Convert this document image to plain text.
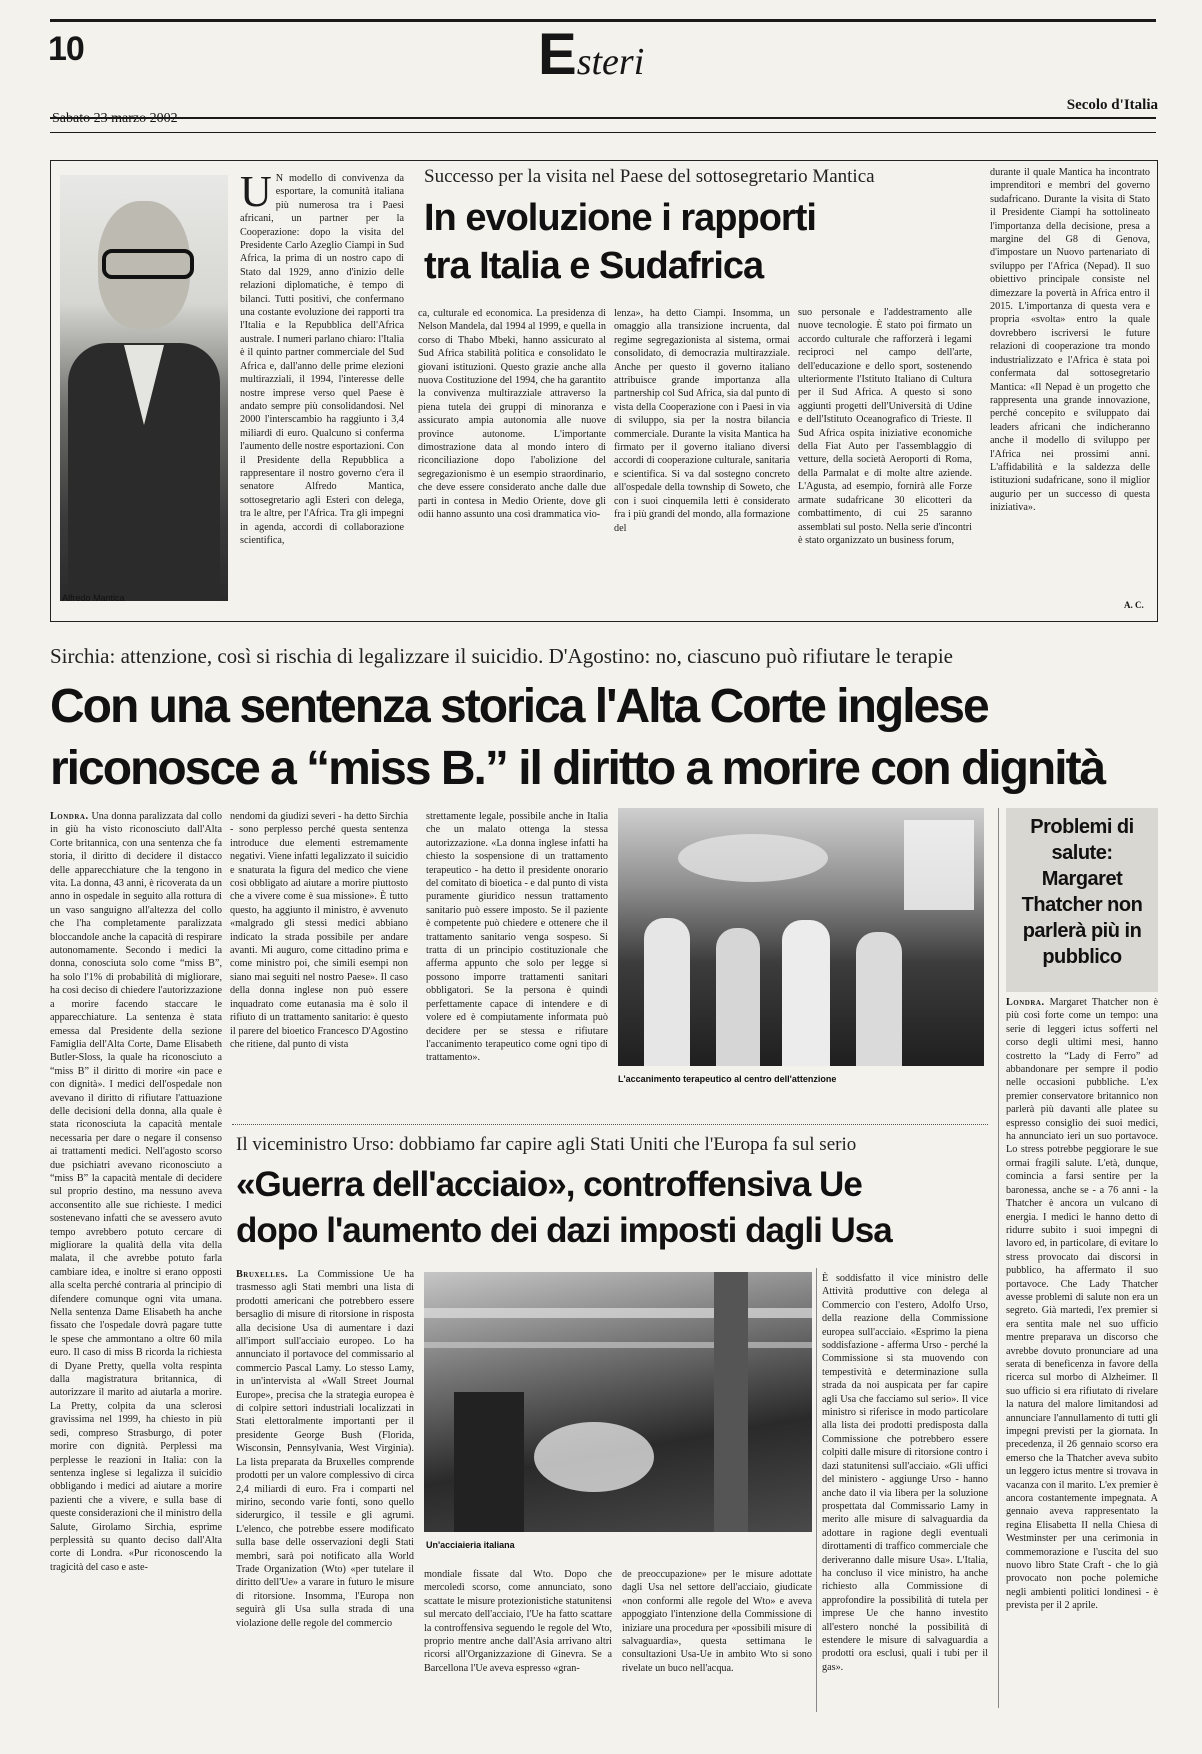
10	Esteri
Secolo d'Italia
Alfredo Mantica
U N modello di convivenza da esportare, la comunità italiana più numerosa tra i Paesi africani, un partner per la Cooperazione: dopo la visita del Presidente Carlo Azeglio Ciampi in Sud Africa, la prima di un nostro capo di Stato dal 1929, anno d'inizio delle relazioni diplomatiche, è tempo di bilanci. Tutti positivi, che confermano una costante evoluzione dei rapporti tra l'Italia e la Repubblica dell'Africa australe. I numeri parlano chiaro: l'Italia è il quinto partner commerciale del Sud Africa e, dall'anno delle prime elezioni multirazziali, il 1994, l'interesse delle nostre imprese verso quel Paese è andato sempre più consolidandosi. Nel 2000 l'interscambio ha raggiunto i 3,4 miliardi di euro. Qualcuno si conferma l'aumento delle nostre esportazioni. Con il Presidente della Repubblica a rappresentare il nostro governo c'era il senatore Alfredo Mantica, sottosegretario agli Esteri con delega, tra le altre, per l'Africa. Tra gli impegni in agenda, accordi di collaborazione scientifica,
Successo per la visita nel Paese del sottosegretario Mantica
In evoluzione i rapporti
tra Italia e Sudafrica
ca, culturale ed economica. La presidenza di Nelson Mandela, dal 1994 al 1999, e quella in corso di Thabo Mbeki, hanno assicurato al Sud Africa stabilità politica e consolidato le giovani istituzioni. Questo grazie anche alla nuova Costituzione del 1994, che ha garantito la convivenza multirazziale attraverso la piena tutela dei gruppi di minoranza e assicurato ampia autonomia alle nuove province autonome. L'importante dimostrazione data al mondo intero di riconciliazione dopo l'abolizione del segregazionismo è un esempio straordinario, che deve essere considerato anche dalle due parti in contesa in Medio Oriente, dove gli odii hanno assunto una così drammatica vio-
lenza», ha detto Ciampi. Insomma, un omaggio alla transizione incruenta, dal regime segregazionista al sistema, ormai consolidato, di democrazia multirazziale. Anche per questo il governo italiano attribuisce grande importanza alla partnership col Sud Africa, sia dal punto di vista della Cooperazione con i Paesi in via di sviluppo, sia per la nostra bilancia commerciale. Durante la visita Mantica ha firmato per il governo italiano diversi accordi di cooperazione culturale, sanitaria e scientifica. Si va dal sostegno concreto all'ospedale della township di Soweto, che con i suoi cinquemila letti è considerato fra i più grandi del mondo, alla formazione del
suo personale e l'addestramento alle nuove tecnologie. È stato poi firmato un accordo culturale che rafforzerà i legami reciproci nel campo dell'arte, dell'educazione e dello sport, sostenendo ulteriormente l'Istituto Italiano di Cultura per il Sud Africa. A questo si sono aggiunti progetti dell'Università di Udine e dell'Istituto Oceanografico di Trieste. Il Sud Africa ospita iniziative economiche della Fiat Auto per l'assemblaggio di vetture, della società Aeroporti di Roma, della Parmalat e di molte altre aziende. L'Agusta, ad esempio, fornirà alle Forze armate sudafricane 30 elicotteri da combattimento, di cui 25 saranno assemblati sul posto. Nella serie d'incontri è stato organizzato un business forum,
durante il quale Mantica ha incontrato imprenditori e membri del governo sudafricano. Durante la visita di Stato il Presidente Ciampi ha sottolineato l'importanza della decisione, presa a margine del G8 di Genova, d'impostare un Nuovo partenariato di sviluppo per l'Africa (Nepad). Il suo obiettivo principale consiste nel dimezzare la povertà in Africa entro il 2015. L'importanza di questa vera e propria «svolta» entro la quale dovrebbero iscriversi le future relazioni di cooperazione tra mondo industrializzato e l'Africa è stata poi confermata dal sottosegretario Mantica: «Il Nepad è un progetto che rappresenta una grande innovazione, perché concepito e sviluppato dai leaders africani che indicheranno anche il modello di sviluppo per l'Africa nei prossimi anni. L'affidabilità e la saldezza delle istituzioni sudafricane, sono il miglior augurio per un successo di questa iniziativa».
A. C.
Sirchia: attenzione, così si rischia di legalizzare il suicidio. D'Agostino: no, ciascuno può rifiutare le terapie
Con una sentenza storica l'Alta Corte inglese
riconosce a “miss B.” il diritto a morire con dignità
Londra. Una donna paralizzata dal collo in giù ha visto riconosciuto dall'Alta Corte britannica, con una sentenza che fa storia, il diritto di decidere il distacco delle apparecchiature che la tengono in vita. La donna, 43 anni, è ricoverata da un anno in ospedale in seguito alla rottura di un vaso sanguigno all'altezza del collo che l'ha completamente paralizzata bloccandole anche la capacità di respirare autonomamente. Secondo i medici la donna, conosciuta solo come “miss B”, ha solo l'1% di probabilità di migliorare, ha così deciso di chiedere l'autorizzazione a morire facendo staccare le apparecchiature. La sentenza è stata emessa dal Presidente della sezione Famiglia dell'Alta Corte, Dame Elisabeth Butler-Sloss, la quale ha riconosciuto a “miss B” il diritto di morire «in pace e con dignità». I medici dell'ospedale non avevano il diritto di rifiutare l'attuazione delle decisioni della donna, alla quale è stata riconosciuta la capacità mentale necessaria per dare o negare il consenso ai trattamenti medici. Nell'agosto scorso due psichiatri avevano riconosciuto a “miss B” la capacità mentale di decidere sul proprio destino, ma nessuno aveva acconsentito alle sue richieste. I medici sostenevano infatti che se avessero avuto tempo avrebbero potuto cercare di migliorare la qualità della vita della malata, il che avrebbe potuto farla cambiare idea, e inoltre si erano opposti alla scelta perché contraria al principio di difendere comunque ogni vita umana. Nella sentenza Dame Elisabeth ha anche fissato che l'ospedale dovrà pagare tutte le spese che ammontano a oltre 60 mila euro. Il caso di miss B ricorda la richiesta di Dyane Pretty, quella volta respinta dalla magistratura britannica, di autorizzare il marito ad aiutarla a morire. La Pretty, colpita da una sclerosi gravissima nel 1999, ha chiesto in più sedi, compreso Strasburgo, di poter morire con dignità. Perplessi ma perplesse le reazioni in Italia: con la sentenza inglese si legalizza il suicidio obbligando i medici ad aiutare a morire pazienti che a vivere, e sulla base di queste considerazioni che il ministro della Salute, Girolamo Sirchia, esprime perplessità su quanto deciso dall'Alta corte di Londra. «Pur riconoscendo la tragicità del caso e aste-
nendomi da giudizi severi - ha detto Sirchia - sono perplesso perché questa sentenza introduce due elementi estremamente negativi. Viene infatti legalizzato il suicidio e snaturata la figura del medico che viene così obbligato ad aiutare a morire piuttosto che a vivere come è sua missione». È tutto questo, ha aggiunto il ministro, è avvenuto «malgrado gli stessi medici abbiano indicato la strada possibile per andare avanti. Mi auguro, come cittadino prima e come ministro poi, che simili esempi non siano mai seguiti nel nostro Paese». Il caso della donna inglese non può essere inquadrato come eutanasia ma è solo il rifiuto di un trattamento sanitario: è questo il parere del bioetico Francesco D'Agostino che ritiene, dal punto di vista
strettamente legale, possibile anche in Italia che un malato ottenga la stessa autorizzazione. «La donna inglese infatti ha chiesto la sospensione di un trattamento terapeutico - ha detto il presidente onorario del comitato di bioetica - e dal punto di vista puramente giuridico nessun trattamento sanitario può essere imposto. Se il paziente è competente può chiedere e ottenere che il trattamento sanitario venga sospeso. Si tratta di un principio costituzionale che afferma appunto che solo per legge si possono imporre trattamenti sanitari obbligatori. Se la persona è quindi perfettamente capace di intendere e di volere ed è compiutamente informata può decidere per se stessa e rifiutare l'accanimento terapeutico come ogni tipo di trattamento».
L'accanimento terapeutico al centro dell'attenzione
Problemi di salute: Margaret Thatcher non parlerà più in pubblico
Londra. Margaret Thatcher non è più così forte come un tempo: una serie di leggeri ictus sofferti nel corso degli ultimi mesi, hanno costretto la “Lady di Ferro” ad abbandonare per sempre il podio nelle occasioni pubbliche. L'ex premier conservatore britannico non parlerà più davanti alle platee su espresso consiglio dei suoi medici, ha annunciato ieri un suo portavoce. Lo stress potrebbe peggiorare le sue ormai fragili salute. L'età, dunque, comincia a farsi sentire per la baronessa, anche se - a 76 anni - la Thatcher è ancora un vulcano di energia. I medici le hanno detto di ridurre subito i suoi impegni di lavoro ed, in particolare, di evitare lo stress provocato dai discorsi in pubblico, ha affermato il suo portavoce. Che Lady Thatcher avesse problemi di salute non era un segreto. Già martedì, l'ex premier si era sentita male nel suo ufficio mentre preparava un discorso che avrebbe dovuto pronunciare ad una serata di beneficenza in favore della ricerca sul morbo di Alzheimer. Il suo ufficio si era rifiutato di rivelare la natura del malore limitandosi ad annunciare l'annullamento di tutti gli impegni previsti per la giornata. In precedenza, il 26 gennaio scorso era emerso che la Thatcher aveva subìto un leggero ictus mentre si trovava in vacanza con il marito. L'ex premier è ancora costantemente impegnata. A gennaio aveva rappresentato la regina Elisabetta II nella Chiesa di Westminster per una cerimonia in commemorazione e l'uscita del suo nuovo libro State Craft - che lo già provocato non poche polemiche negli ambienti politici londinesi - è prevista per il 2 aprile.
Il viceministro Urso: dobbiamo far capire agli Stati Uniti che l'Europa fa sul serio
«Guerra dell'acciaio», controffensiva Ue
dopo l'aumento dei dazi imposti dagli Usa
Bruxelles. La Commissione Ue ha trasmesso agli Stati membri una lista di prodotti americani che potrebbero essere bersaglio di misure di ritorsione in risposta alla decisione Usa di aumentare i dazi all'import sull'acciaio europeo. Lo ha annunciato il portavoce del commissario al commercio Pascal Lamy. Lo stesso Lamy, in un'intervista al «Wall Street Journal Europe», precisa che la strategia europea è di colpire settori industriali localizzati in Stati elettoralmente importanti per il presidente George Bush (Florida, Wisconsin, Pennsylvania, West Virginia). La lista preparata da Bruxelles comprende prodotti per un valore complessivo di circa 2,4 miliardi di euro. Fra i comparti nel mirino, secondo varie fonti, sono quello siderurgico, il tessile e gli agrumi. L'elenco, che potrebbe essere modificato sulla base delle osservazioni degli Stati membri, sarà poi notificato alla World Trade Organization (Wto) «per tutelare il diritto dell'Ue» a varare in futuro le misure di ritorsione. Insomma, l'Europa non seguirà gli Usa sulla strada di una violazione delle regole del commercio
Un'acciaieria italiana
mondiale fissate dal Wto. Dopo che mercoledì scorso, come annunciato, sono scattate le misure protezionistiche statunitensi sul mercato dell'acciaio, l'Ue ha fatto scattare la controffensiva seguendo le regole del Wto, proprio mentre anche dall'Asia arrivano altri ricorsi all'Organizzazione di Ginevra. Se a Barcellona l'Ue aveva espresso «gran-
de preoccupazione» per le misure adottate dagli Usa nel settore dell'acciaio, giudicate «non conformi alle regole del Wto» e aveva appoggiato l'intenzione della Commissione di iniziare una procedura per «possibili misure di salvaguardia», questa settimana le consultazioni Usa-Ue in ambito Wto si sono rivelate un buco nell'acqua.
È soddisfatto il vice ministro delle Attività produttive con delega al Commercio con l'estero, Adolfo Urso, della reazione della Commissione europea sull'acciaio. «Esprimo la piena soddisfazione - afferma Urso - perché la Commissione si sta muovendo con tempestività e determinazione sulla strada da noi auspicata per far capire agli Usa che facciamo sul serio». Il vice ministro si riferisce in modo particolare alla lista dei prodotti predisposta dalla Commissione che potrebbero essere colpiti dalle misure di ritorsione contro i dazi statunitensi sull'acciaio. «Gli uffici del ministero - aggiunge Urso - hanno anche dato il via libera per la soluzione prospettata dal Commissario Lamy in merito alle misure di salvaguardia da adottare in ragione degli eventuali dirottamenti di traffico commerciale che deriveranno dalle misure Usa». L'Italia, ha concluso il vice ministro, ha anche richiesto alla Commissione di approfondire la possibilità di tutela per imprese Ue che hanno investito all'estero nonché la possibilità di estendere le misure di salvaguardia a prodotti ora esclusi, quali i tubi per il gas».
